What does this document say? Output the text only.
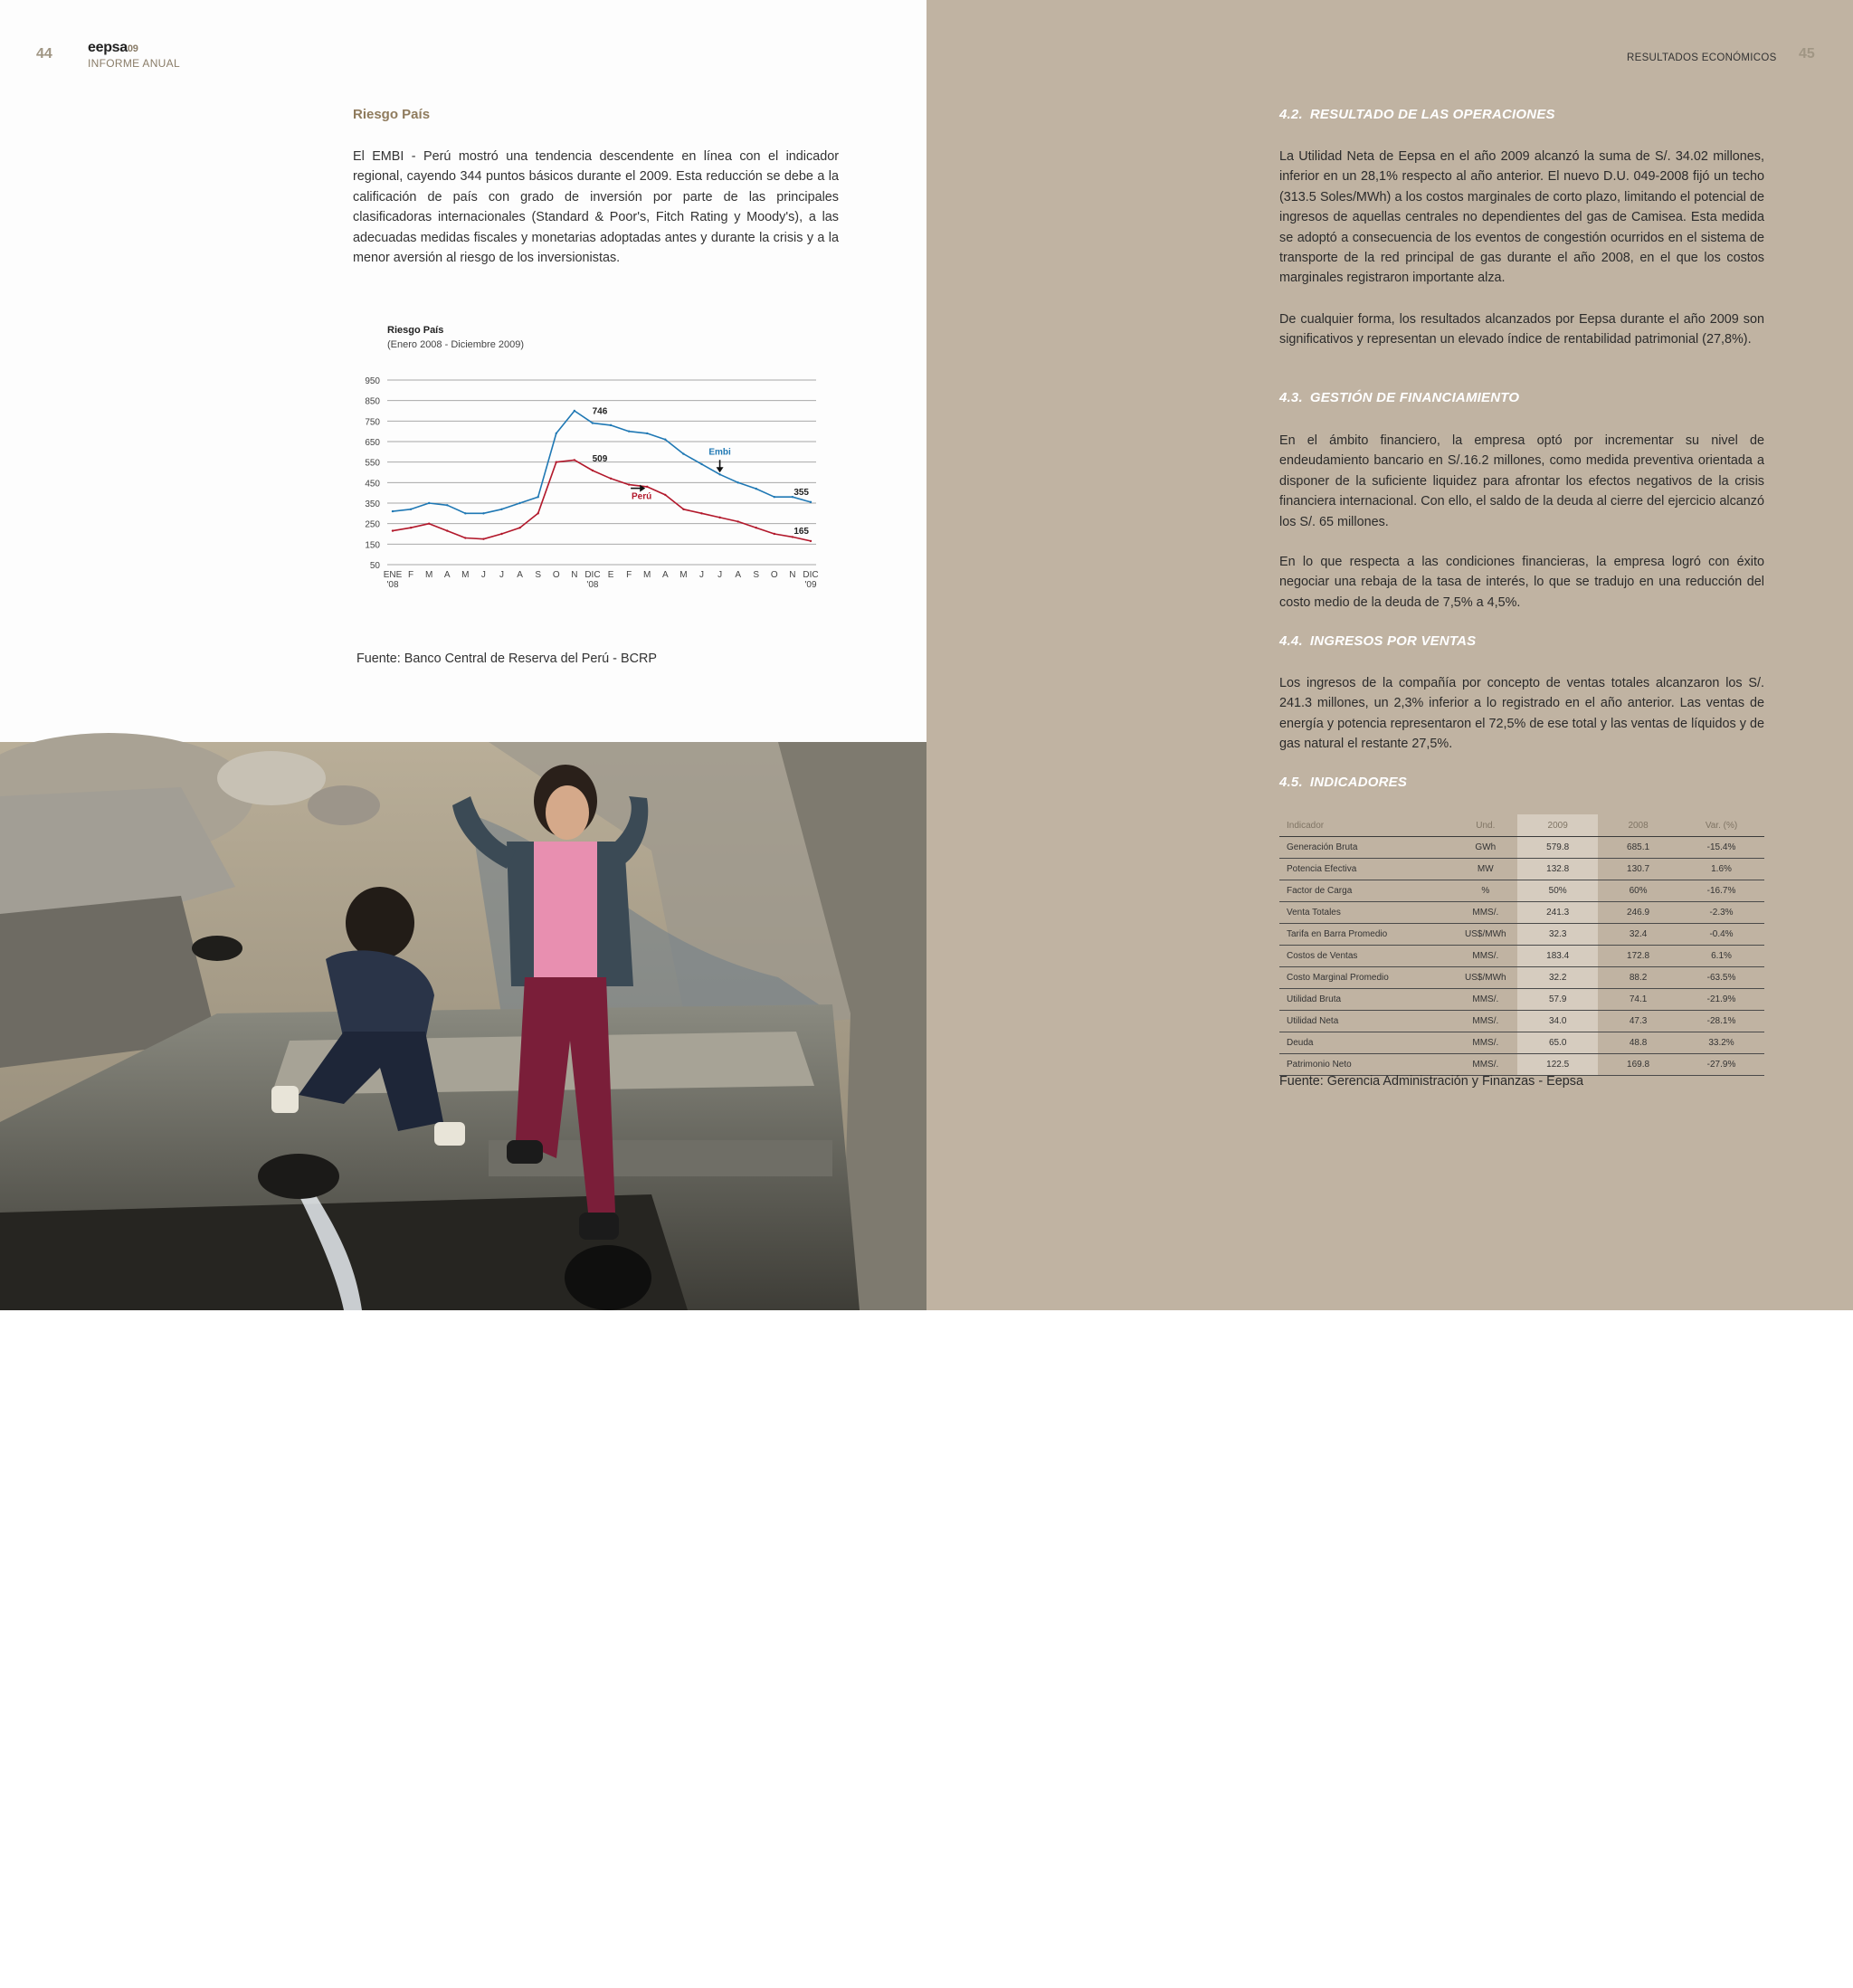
44 eepsa09
INFORME ANUAL
Riesgo País

El EMBI - Perú mostró una tendencia descendente en línea con el indicador regional, cayendo 344 puntos básicos durante el 2009. Esta reducción se debe a la calificación de país con grado de inversión por parte de las principales clasificadoras internacionales (Standard & Poor's, Fitch Rating y Moody's), a las adecuadas medidas fiscales y monetarias adoptadas antes y durante la crisis y a la menor aversión al riesgo de los inversionistas.

Riesgo País
(Enero 2008 - Diciembre 2009)
950
850
750
650
550
450
350
250
150
50
ENE '08
F M A M J J A S O N DIC '08
E F M A M J J A S O N DIC '09
746
509
355
165
Embi
Perú
Fuente: Banco Central de Reserva del Perú - BCRP
Hijos de trabajadores en pozas de agua de la ciudad de Ayabaca - Piura.
45
RESULTADOS ECONÓMICOS
4.2. RESULTADO DE LAS OPERACIONES

La Utilidad Neta de Eepsa en el año 2009 alcanzó la suma de S/. 34.02 millones, inferior en un 28,1% respecto al año anterior. El nuevo D.U. 049-2008 fijó un techo (313.5 Soles/MWh) a los costos marginales de corto plazo, limitando el potencial de ingresos de aquellas centrales no dependientes del gas de Camisea. Esta medida se adoptó a consecuencia de los eventos de congestión ocurridos en el sistema de transporte de la red principal de gas durante el año 2008, en el que los costos marginales registraron importante alza.

De cualquier forma, los resultados alcanzados por Eepsa durante el año 2009 son significativos y representan un elevado índice de rentabilidad patrimonial (27,8%).

4.3. GESTIÓN DE FINANCIAMIENTO

En el ámbito financiero, la empresa optó por incrementar su nivel de endeudamiento bancario en S/.16.2 millones, como medida preventiva orientada a disponer de la suficiente liquidez para afrontar los efectos negativos de la crisis financiera internacional. Con ello, el saldo de la deuda al cierre del ejercicio alcanzó los S/. 65 millones.

En lo que respecta a las condiciones financieras, la empresa logró con éxito negociar una rebaja de la tasa de interés, lo que se tradujo en una reducción del costo medio de la deuda de 7,5% a 4,5%.

4.4. INGRESOS POR VENTAS

Los ingresos de la compañía por concepto de ventas totales alcanzaron los S/. 241.3 millones, un 2,3% inferior a lo registrado en el año anterior. Las ventas de energía y potencia representaron el 72,5% de ese total y las ventas de líquidos y de gas natural el restante 27,5%.

4.5. INDICADORES
Indicador	Und.	2009	2008	Var. (%)
Generación Bruta	GWh	579.8	685.1	-15.4%
Potencia Efectiva	MW	132.8	130.7	1.6%
Factor de Carga	%	50%	60%	-16.7%
Venta Totales	MMS/.	241.3	246.9	-2.3%
Tarifa en Barra Promedio	US$/MWh	32.3	32.4	-0.4%
Costos de Ventas	MMS/.	183.4	172.8	6.1%
Costo Marginal Promedio	US$/MWh	32.2	88.2	-63.5%
Utilidad Bruta	MMS/.	57.9	74.1	-21.9%
Utilidad Neta	MMS/.	34.0	47.3	-28.1%
Deuda	MMS/.	65.0	48.8	33.2%
Patrimonio Neto	MMS/.	122.5	169.8	-27.9%
Fuente: Gerencia Administración y Finanzas - Eepsa
